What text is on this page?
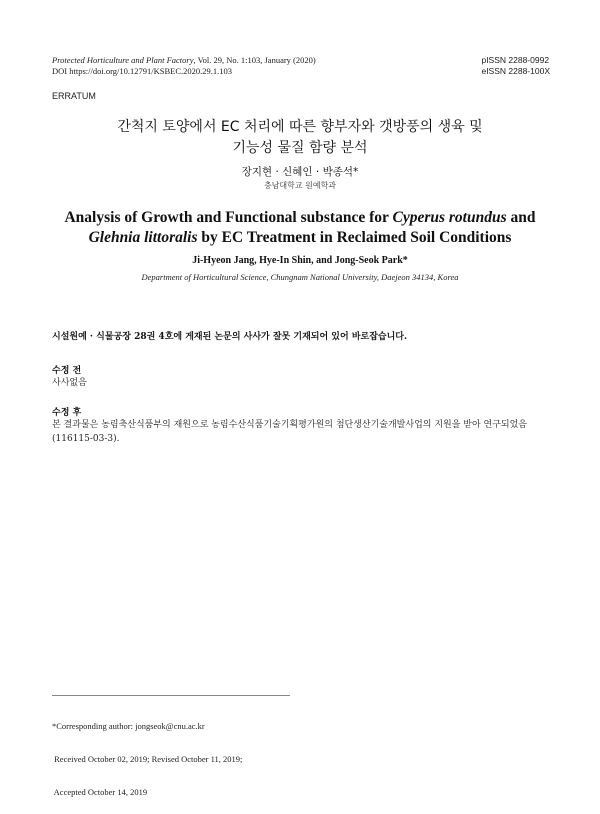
Protected Horticulture and Plant Factory, Vol. 29, No. 1:103, January (2020)
DOI https://doi.org/10.12791/KSBEC.2020.29.1.103
pISSN 2288-0992
eISSN 2288-100X
ERRATUM
간척지 토양에서 EC 처리에 따른 향부자와 갯방풍의 생육 및
기능성 물질 함량 분석
장지현 · 신혜인 · 박종석*
충남대학교 원예학과
Analysis of Growth and Functional substance for Cyperus rotundus and
Glehnia littoralis by EC Treatment in Reclaimed Soil Conditions
Ji-Hyeon Jang, Hye-In Shin, and Jong-Seok Park*
Department of Horticultural Science, Chungnam National University, Daejeon 34134, Korea
시설원예 · 식물공장 28권 4호에 게재된 논문의 사사가 잘못 기재되어 있어 바로잡습니다.
수정 전
사사없음
수정 후
본 결과물은 농림축산식품부의 재원으로 농림수산식품기술기획평가원의 첨단생산기술개발사업의 지원을 받아 연구되었음 (116115-03-3).

*Corresponding author: jongseok@cnu.ac.kr

Received October 02, 2019; Revised October 11, 2019;

Accepted October 14, 2019
